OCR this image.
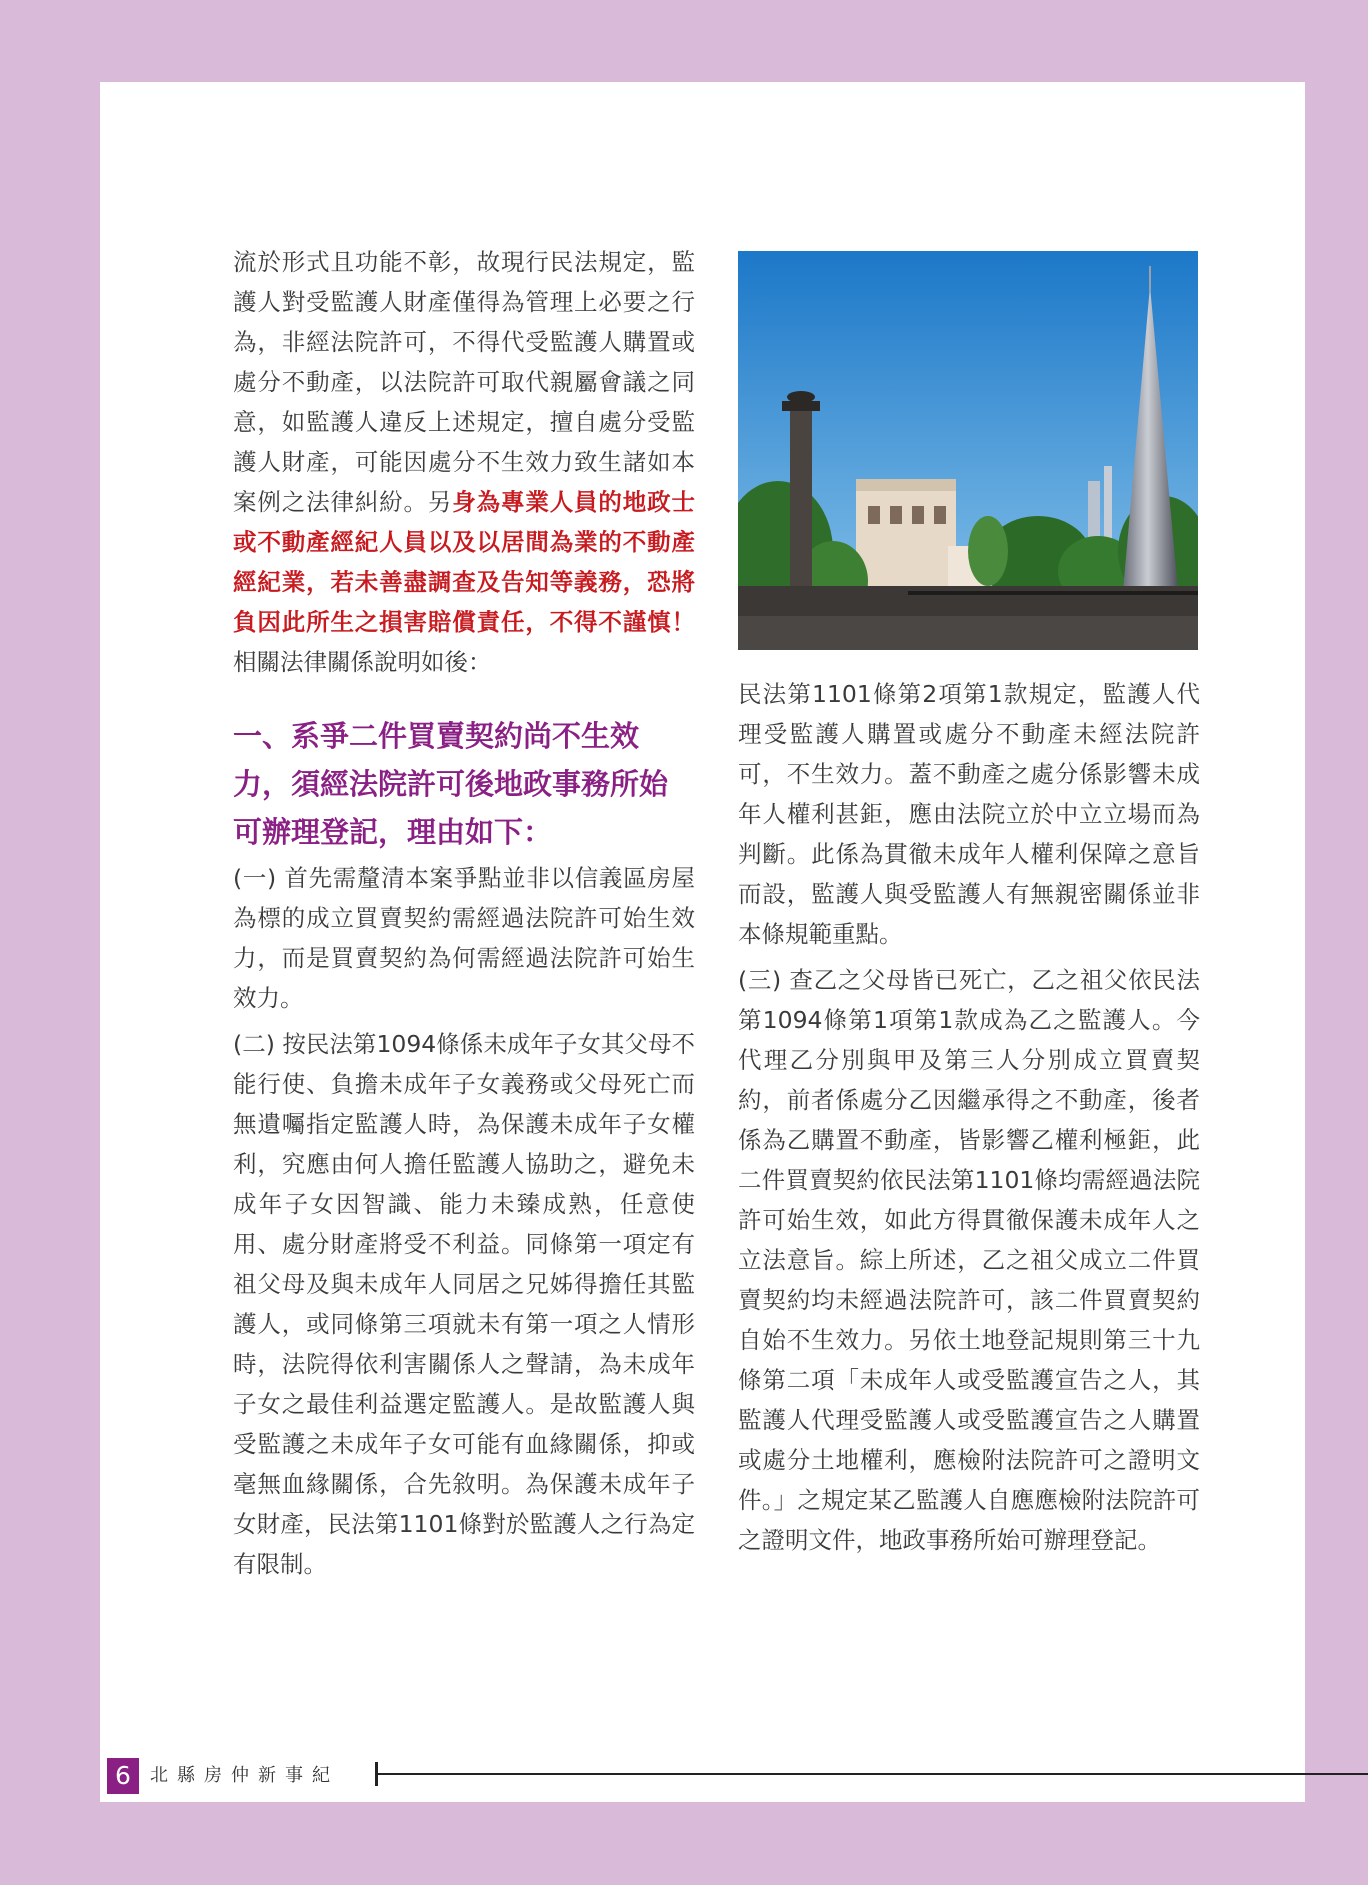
流於形式且功能不彰，故現行民法規定，監護人對受監護人財產僅得為管理上必要之行為，非經法院許可，不得代受監護人購置或處分不動產，以法院許可取代親屬會議之同意，如監護人違反上述規定，擅自處分受監護人財產，可能因處分不生效力致生諸如本案例之法律糾紛。另身為專業人員的地政士或不動產經紀人員以及以居間為業的不動產經紀業，若未善盡調查及告知等義務，恐將負因此所生之損害賠償責任，不得不謹慎！相關法律關係說明如後：

一、系爭二件買賣契約尚不生效力，須經法院許可後地政事務所始可辦理登記，理由如下：

(一) 首先需釐清本案爭點並非以信義區房屋為標的成立買賣契約需經過法院許可始生效力，而是買賣契約為何需經過法院許可始生效力。

(二) 按民法第1094條係未成年子女其父母不能行使、負擔未成年子女義務或父母死亡而無遺囑指定監護人時，為保護未成年子女權利，究應由何人擔任監護人協助之，避免未成年子女因智識、能力未臻成熟，任意使用、處分財產將受不利益。同條第一項定有祖父母及與未成年人同居之兄姊得擔任其監護人，或同條第三項就未有第一項之人情形時，法院得依利害關係人之聲請，為未成年子女之最佳利益選定監護人。是故監護人與受監護之未成年子女可能有血緣關係，抑或毫無血緣關係，合先敘明。為保護未成年子女財產，民法第1101條對於監護人之行為定有限制。

民法第1101條第2項第1款規定，監護人代理受監護人購置或處分不動產未經法院許可，不生效力。蓋不動產之處分係影響未成年人權利甚鉅，應由法院立於中立立場而為判斷。此係為貫徹未成年人權利保障之意旨而設，監護人與受監護人有無親密關係並非本條規範重點。

(三) 查乙之父母皆已死亡，乙之祖父依民法第1094條第1項第1款成為乙之監護人。今代理乙分別與甲及第三人分別成立買賣契約，前者係處分乙因繼承得之不動產，後者係為乙購置不動產，皆影響乙權利極鉅，此二件買賣契約依民法第1101條均需經過法院許可始生效，如此方得貫徹保護未成年人之立法意旨。綜上所述，乙之祖父成立二件買賣契約均未經過法院許可，該二件買賣契約自始不生效力。另依土地登記規則第三十九條第二項「未成年人或受監護宣告之人，其監護人代理受監護人或受監護宣告之人購置或處分土地權利，應檢附法院許可之證明文件。」之規定某乙監護人自應應檢附法院許可之證明文件，地政事務所始可辦理登記。

6	北縣房仲新事紀
